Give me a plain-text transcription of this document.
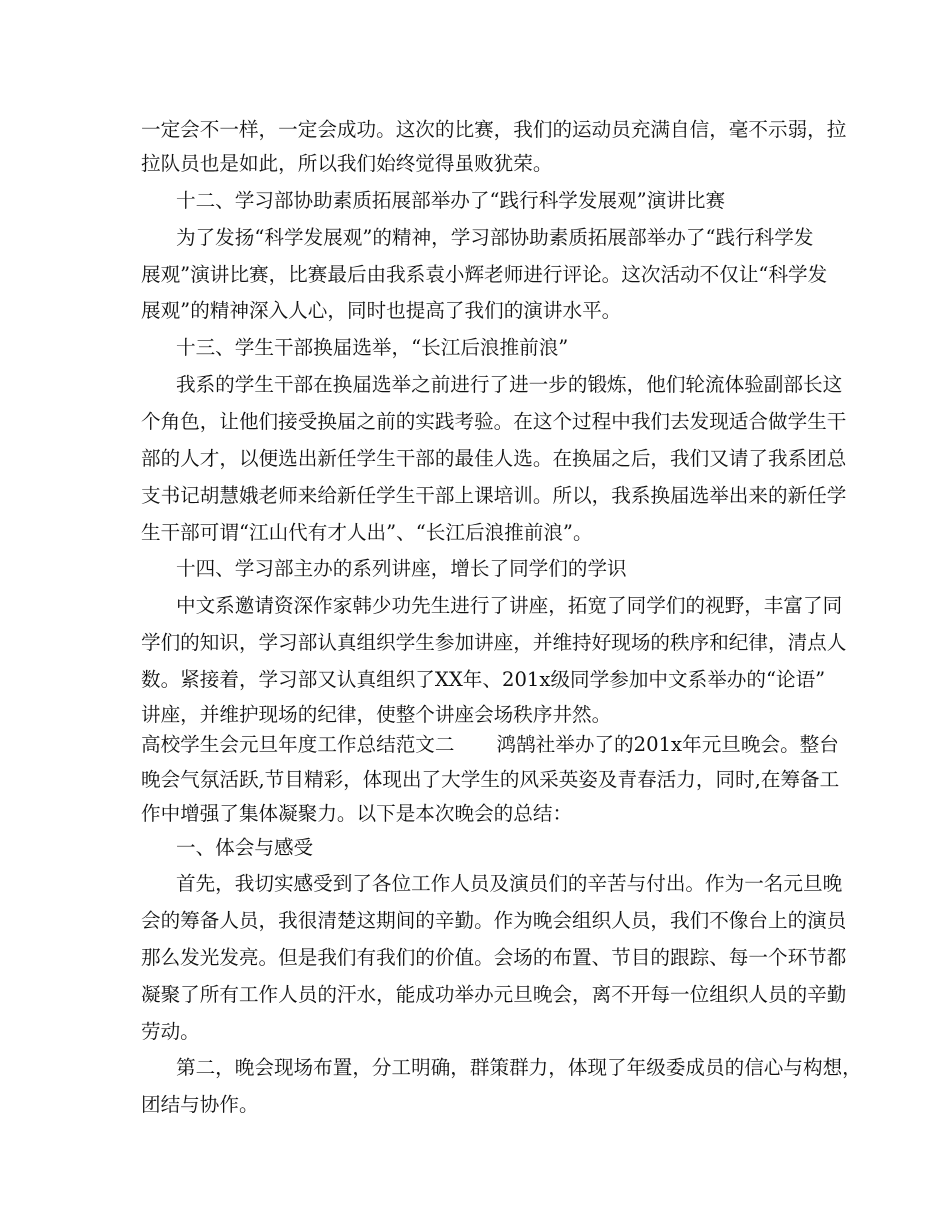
一定会不一样，一定会成功。这次的比赛，我们的运动员充满自信，毫不示弱，拉
拉队员也是如此，所以我们始终觉得虽败犹荣。
十二、学习部协助素质拓展部举办了“践行科学发展观”演讲比赛
为了发扬“科学发展观”的精神，学习部协助素质拓展部举办了“践行科学发
展观”演讲比赛，比赛最后由我系袁小辉老师进行评论。这次活动不仅让“科学发
展观”的精神深入人心，同时也提高了我们的演讲水平。
十三、学生干部换届选举，“长江后浪推前浪”
我系的学生干部在换届选举之前进行了进一步的锻炼，他们轮流体验副部长这
个角色，让他们接受换届之前的实践考验。在这个过程中我们去发现适合做学生干
部的人才，以便选出新任学生干部的最佳人选。在换届之后，我们又请了我系团总
支书记胡慧娥老师来给新任学生干部上课培训。所以，我系换届选举出来的新任学
生干部可谓“江山代有才人出”、“长江后浪推前浪”。
十四、学习部主办的系列讲座，增长了同学们的学识
中文系邀请资深作家韩少功先生进行了讲座，拓宽了同学们的视野，丰富了同
学们的知识，学习部认真组织学生参加讲座，并维持好现场的秩序和纪律，清点人
数。紧接着，学习部又认真组织了XX年、201x级同学参加中文系举办的“论语”
讲座，并维护现场的纪律，使整个讲座会场秩序井然。
高校学生会元旦年度工作总结范文二 鸿鹄社举办了的201x年元旦晚会。整台
晚会气氛活跃,节目精彩，体现出了大学生的风采英姿及青春活力，同时,在筹备工
作中增强了集体凝聚力。以下是本次晚会的总结：
一、体会与感受
首先，我切实感受到了各位工作人员及演员们的辛苦与付出。作为一名元旦晚
会的筹备人员，我很清楚这期间的辛勤。作为晚会组织人员，我们不像台上的演员
那么发光发亮。但是我们有我们的价值。会场的布置、节目的跟踪、每一个环节都
凝聚了所有工作人员的汗水，能成功举办元旦晚会，离不开每一位组织人员的辛勤
劳动。
第二，晚会现场布置，分工明确，群策群力，体现了年级委成员的信心与构想，
团结与协作。
